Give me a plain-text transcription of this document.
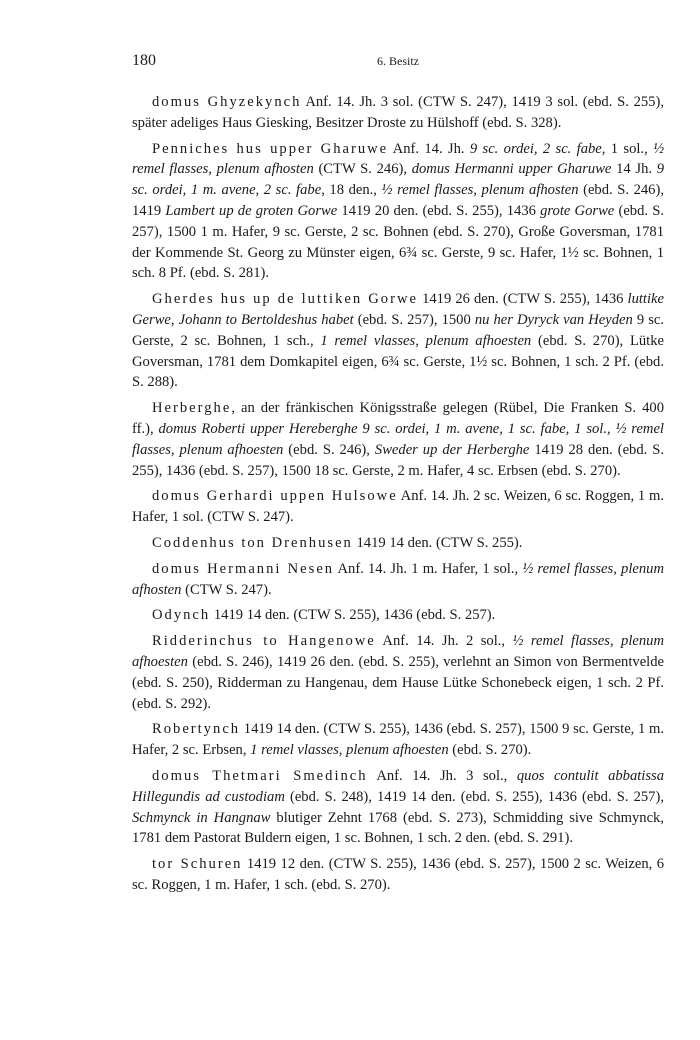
180	6. Besitz

domus Ghyzekynch Anf. 14. Jh. 3 sol. (CTW S. 247), 1419 3 sol. (ebd. S. 255), später adeliges Haus Giesking, Besitzer Droste zu Hülshoff (ebd. S. 328).

Penniches hus upper Gharuwe Anf. 14. Jh. 9 sc. ordei, 2 sc. fabe, 1 sol., ½ remel flasses, plenum afhosten (CTW S. 246), domus Hermanni upper Gharuwe 14 Jh. 9 sc. ordei, 1 m. avene, 2 sc. fabe, 18 den., ½ remel flasses, plenum afhosten (ebd. S. 246), 1419 Lambert up de groten Gorwe 1419 20 den. (ebd. S. 255), 1436 grote Gorwe (ebd. S. 257), 1500 1 m. Hafer, 9 sc. Gerste, 2 sc. Bohnen (ebd. S. 270), Große Goversman, 1781 der Kommende St. Georg zu Münster eigen, 6¾ sc. Gerste, 9 sc. Hafer, 1½ sc. Bohnen, 1 sch. 8 Pf. (ebd. S. 281).

Gherdes hus up de luttiken Gorwe 1419 26 den. (CTW S. 255), 1436 luttike Gerwe, Johann to Bertoldeshus habet (ebd. S. 257), 1500 nu her Dyryck van Heyden 9 sc. Gerste, 2 sc. Bohnen, 1 sch., 1 remel vlasses, plenum afhoesten (ebd. S. 270), Lütke Goversman, 1781 dem Domkapitel eigen, 6¾ sc. Gerste, 1½ sc. Bohnen, 1 sch. 2 Pf. (ebd. S. 288).

Herberghe, an der fränkischen Königsstraße gelegen (Rübel, Die Franken S. 400 ff.), domus Roberti upper Hereberghe 9 sc. ordei, 1 m. avene, 1 sc. fabe, 1 sol., ½ remel flasses, plenum afhoesten (ebd. S. 246), Sweder up der Herberghe 1419 28 den. (ebd. S. 255), 1436 (ebd. S. 257), 1500 18 sc. Gerste, 2 m. Hafer, 4 sc. Erbsen (ebd. S. 270).

domus Gerhardi uppen Hulsowe Anf. 14. Jh. 2 sc. Weizen, 6 sc. Roggen, 1 m. Hafer, 1 sol. (CTW S. 247).

Coddenhus ton Drenhusen 1419 14 den. (CTW S. 255).

domus Hermanni Nesen Anf. 14. Jh. 1 m. Hafer, 1 sol., ½ remel flasses, plenum afhosten (CTW S. 247).

Odynch 1419 14 den. (CTW S. 255), 1436 (ebd. S. 257).

Ridderinchus to Hangenowe Anf. 14. Jh. 2 sol., ½ remel flasses, plenum afhoesten (ebd. S. 246), 1419 26 den. (ebd. S. 255), verlehnt an Simon von Bermentvelde (ebd. S. 250), Ridderman zu Hangenau, dem Hause Lütke Schonebeck eigen, 1 sch. 2 Pf. (ebd. S. 292).

Robertynch 1419 14 den. (CTW S. 255), 1436 (ebd. S. 257), 1500 9 sc. Gerste, 1 m. Hafer, 2 sc. Erbsen, 1 remel vlasses, plenum afhoesten (ebd. S. 270).

domus Thetmari Smedinch Anf. 14. Jh. 3 sol., quos contulit abbatissa Hillegundis ad custodiam (ebd. S. 248), 1419 14 den. (ebd. S. 255), 1436 (ebd. S. 257), Schmynck in Hangnaw blutiger Zehnt 1768 (ebd. S. 273), Schmidding sive Schmynck, 1781 dem Pastorat Buldern eigen, 1 sc. Bohnen, 1 sch. 2 den. (ebd. S. 291).

tor Schuren 1419 12 den. (CTW S. 255), 1436 (ebd. S. 257), 1500 2 sc. Weizen, 6 sc. Roggen, 1 m. Hafer, 1 sch. (ebd. S. 270).
